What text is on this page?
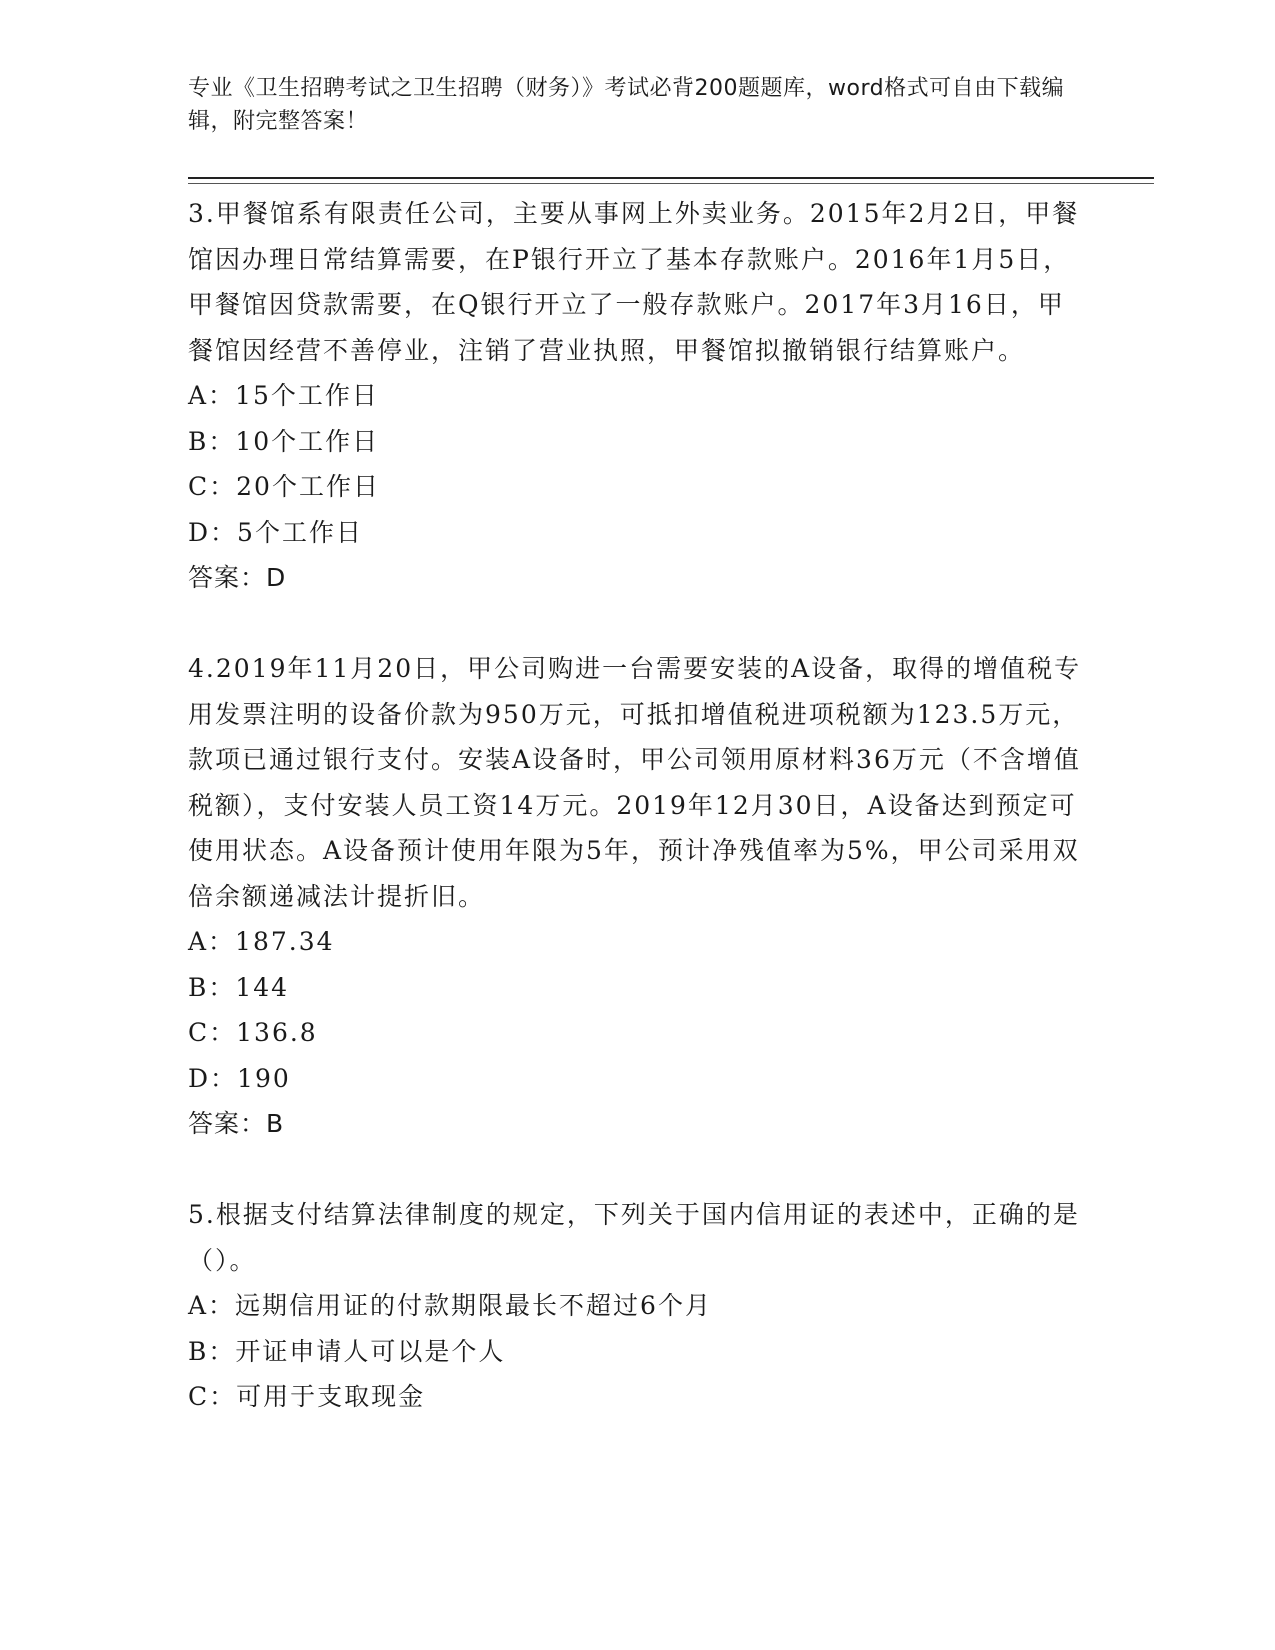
专业《卫生招聘考试之卫生招聘（财务）》考试必背200题题库，word格式可自由下载编辑，附完整答案！

3.甲餐馆系有限责任公司，主要从事网上外卖业务。2015年2月2日，甲餐馆因办理日常结算需要，在P银行开立了基本存款账户。2016年1月5日，甲餐馆因贷款需要，在Q银行开立了一般存款账户。2017年3月16日，甲餐馆因经营不善停业，注销了营业执照，甲餐馆拟撤销银行结算账户。

A：15个工作日

B：10个工作日

C：20个工作日

D：5个工作日

答案：D

4.2019年11月20日，甲公司购进一台需要安装的A设备，取得的增值税专用发票注明的设备价款为950万元，可抵扣增值税进项税额为123.5万元，款项已通过银行支付。安装A设备时，甲公司领用原材料36万元（不含增值税额），支付安装人员工资14万元。2019年12月30日，A设备达到预定可使用状态。A设备预计使用年限为5年，预计净残值率为5%，甲公司采用双倍余额递减法计提折旧。

A：187.34

B：144

C：136.8

D：190

答案：B

5.根据支付结算法律制度的规定，下列关于国内信用证的表述中，正确的是（）。

A：远期信用证的付款期限最长不超过6个月

B：开证申请人可以是个人

C：可用于支取现金
